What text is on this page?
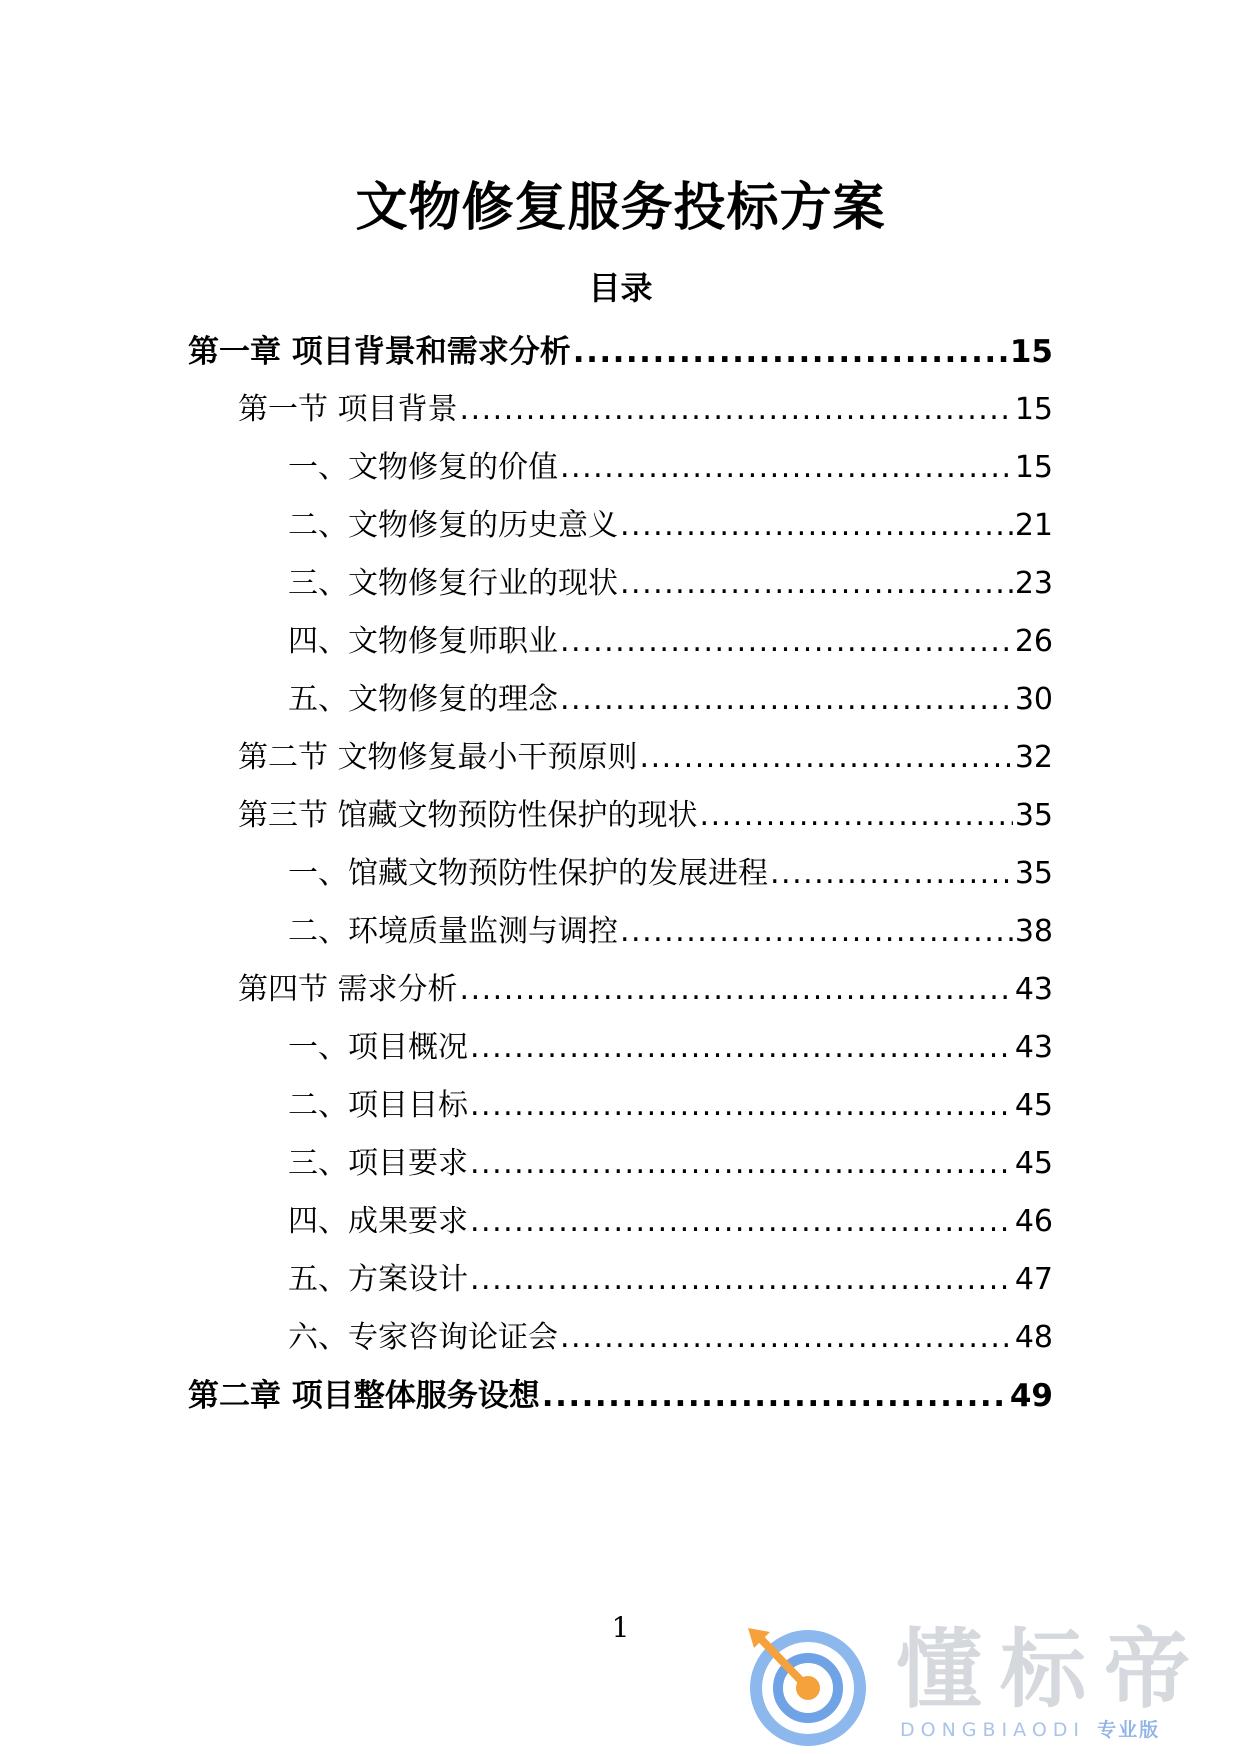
文物修复服务投标方案
目录
第一章 项目背景和需求分析 .....	15
第一节 项目背景 .....	15
一、文物修复的价值 .....	15
二、文物修复的历史意义 .....	21
三、文物修复行业的现状 .....	23
四、文物修复师职业 .....	26
五、文物修复的理念 .....	30
第二节 文物修复最小干预原则 .....	32
第三节 馆藏文物预防性保护的现状 .....	35
一、馆藏文物预防性保护的发展进程 .....	35
二、环境质量监测与调控 .....	38
第四节 需求分析 .....	43
一、项目概况 .....	43
二、项目目标 .....	45
三、项目要求 .....	45
四、成果要求 .....	46
五、方案设计 .....	47
六、专家咨询论证会 .....	48
第二章 项目整体服务设想 .....	49
1	懂标帝
DONGBIAODI 专业版
